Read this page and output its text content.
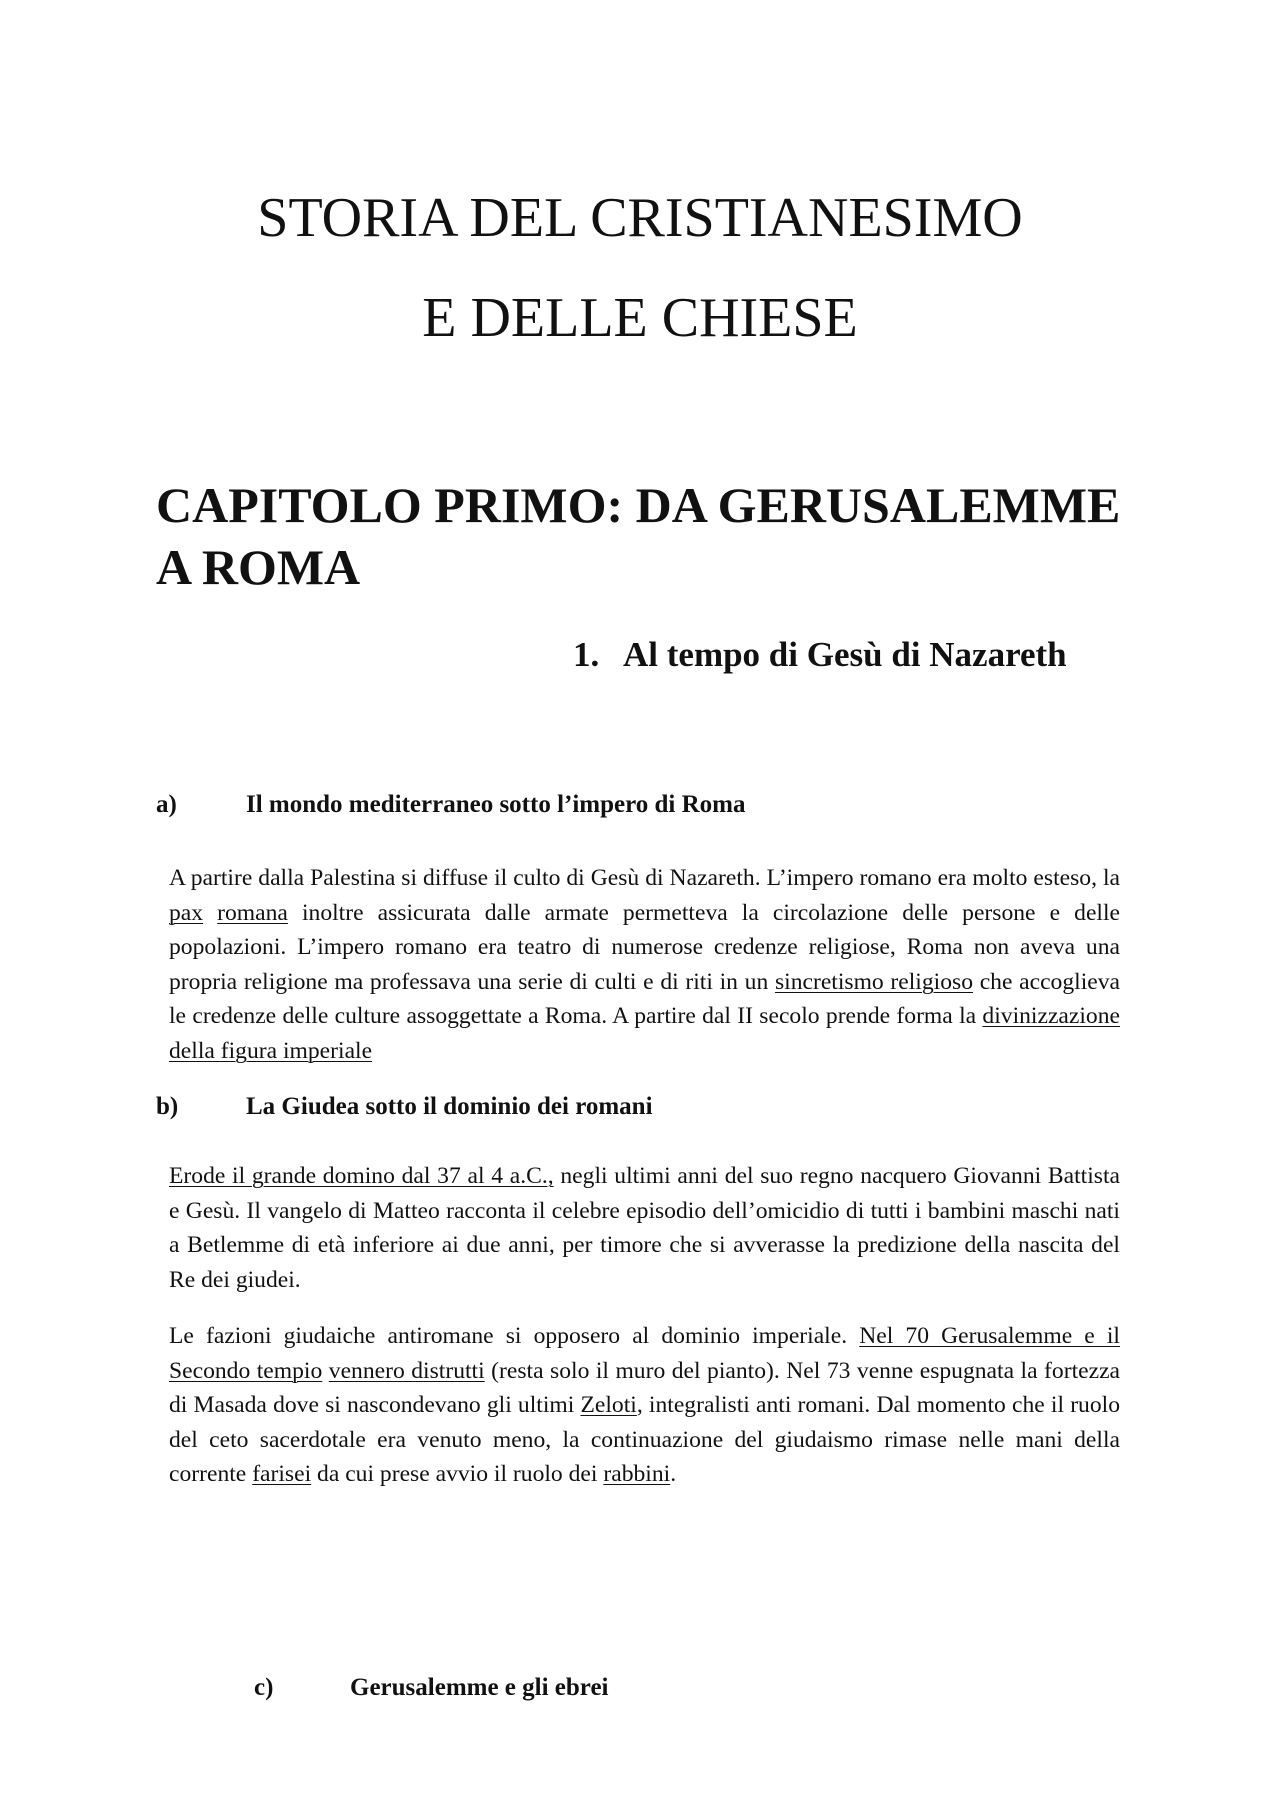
STORIA DEL CRISTIANESIMO
E DELLE CHIESE
CAPITOLO PRIMO: DA GERUSALEMME A ROMA
1. Al tempo di Gesù di Nazareth
a)	Il mondo mediterraneo sotto l’impero di Roma

A partire dalla Palestina si diffuse il culto di Gesù di Nazareth. L’impero romano era molto esteso, la pax romana inoltre assicurata dalle armate permetteva la circolazione delle persone e delle popolazioni. L’impero romano era teatro di numerose credenze religiose, Roma non aveva una propria religione ma professava una serie di culti e di riti in un sincretismo religioso che accoglieva le credenze delle culture assoggettate a Roma. A partire dal II secolo prende forma la divinizzazione della figura imperiale

b)	La Giudea sotto il dominio dei romani

Erode il grande domino dal 37 al 4 a.C., negli ultimi anni del suo regno nacquero Giovanni Battista e Gesù. Il vangelo di Matteo racconta il celebre episodio dell’omicidio di tutti i bambini maschi nati a Betlemme di età inferiore ai due anni, per timore che si avverasse la predizione della nascita del Re dei giudei.

Le fazioni giudaiche antiromane si opposero al dominio imperiale. Nel 70 Gerusalemme e il Secondo tempio vennero distrutti (resta solo il muro del pianto). Nel 73 venne espugnata la fortezza di Masada dove si nascondevano gli ultimi Zeloti, integralisti anti romani. Dal momento che il ruolo del ceto sacerdotale era venuto meno, la continuazione del giudaismo rimase nelle mani della corrente farisei da cui prese avvio il ruolo dei rabbini.

c)	Gerusalemme e gli ebrei
